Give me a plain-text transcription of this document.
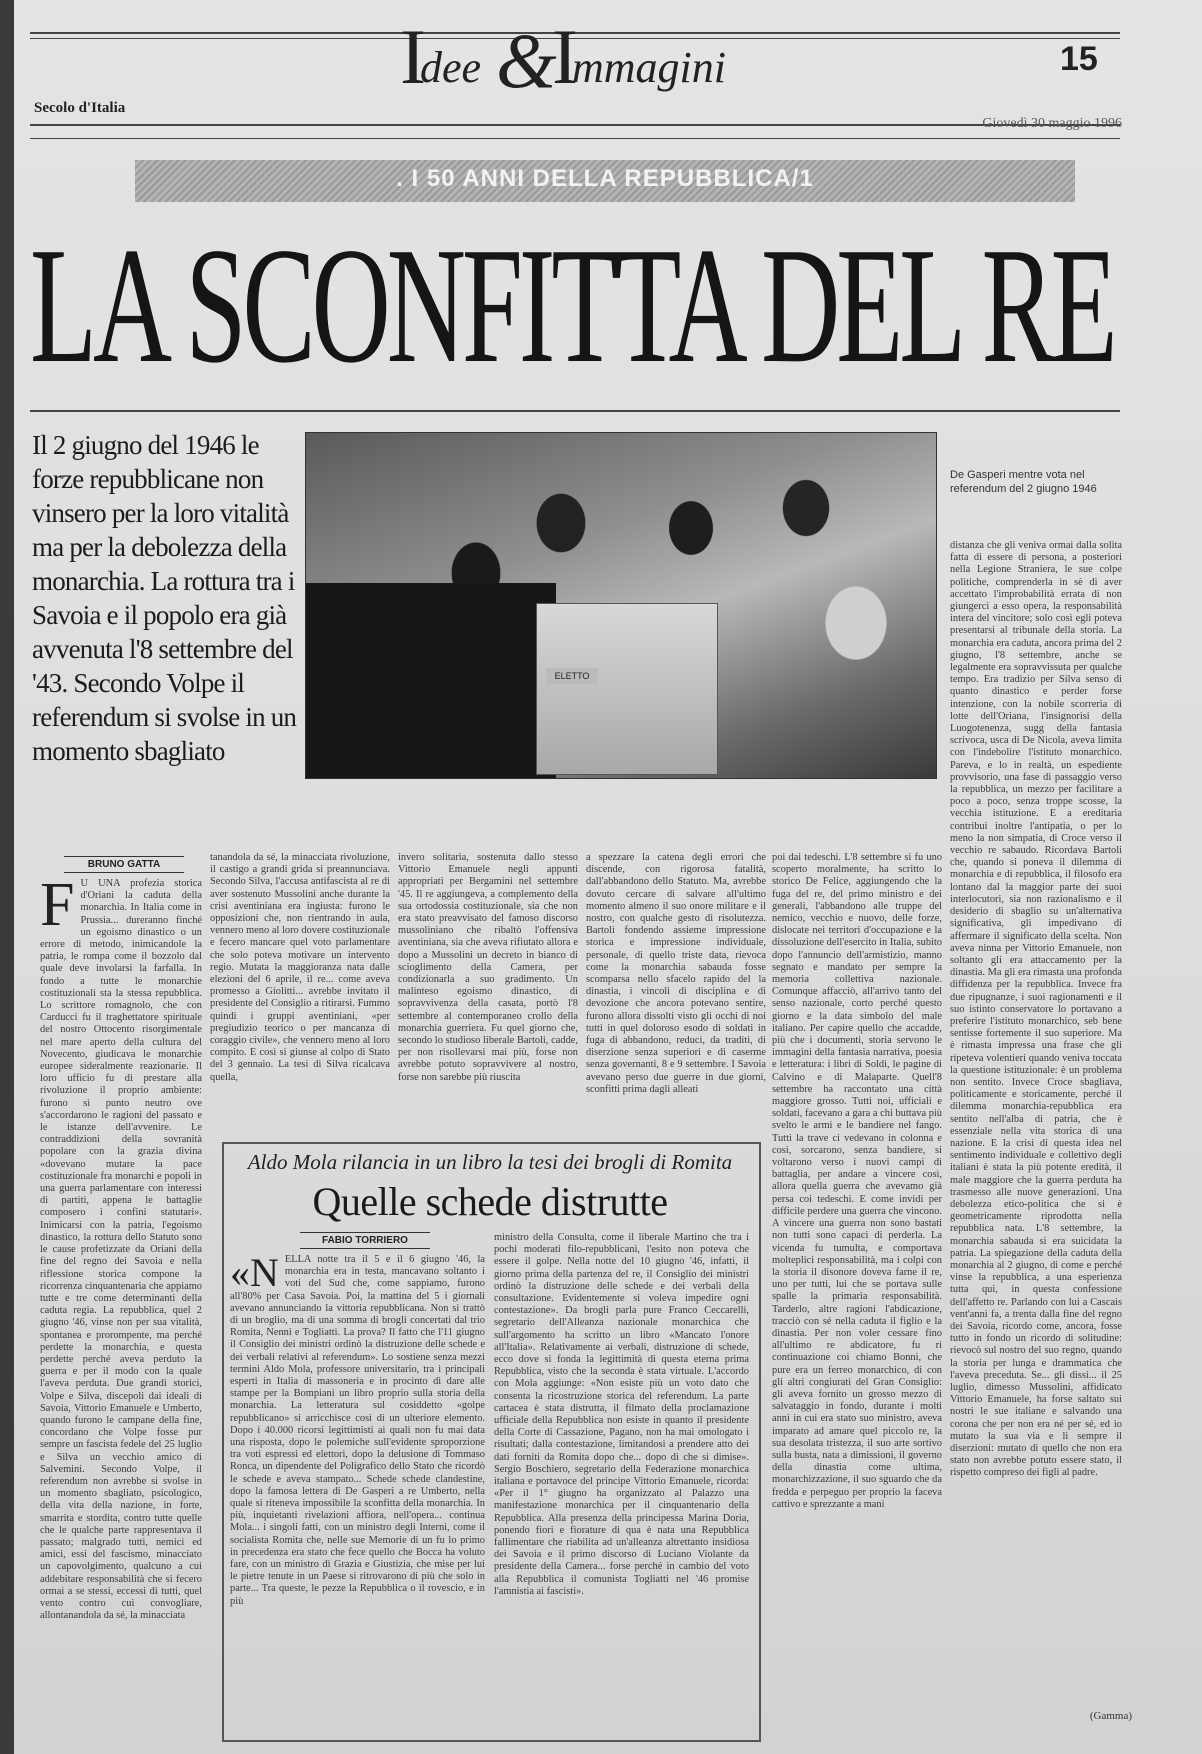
I
dee &
I
mmagini	15
Secolo d'Italia
Giovedì 30 maggio 1996
. I 50 ANNI DELLA REPUBBLICA/1
LA SCONFITTA DEL RE
Il 2 giugno del 1946 le forze repubblicane non vinsero per la loro vitalità ma per la debolezza della monarchia. La rottura tra i Savoia e il popolo era già avvenuta l'8 settembre del '43. Secondo Volpe il referendum si svolse in un momento sbagliato
ELETTO
De Gasperi mentre vota nel referendum del 2 giugno 1946
BRUNO GATTA
F U UNA profezia storica d'Oriani la caduta della monarchia. In Italia come in Prussia... dureranno finché un egoismo dinastico o un errore di metodo, inimicandole la patria, le rompa come il bozzolo dal quale deve involarsi la farfalla. In fondo a tutte le monarchie costituzionali sta la stessa repubblica. Lo scrittore romagnolo, che con Carducci fu il traghettatore spirituale del nostro Ottocento risorgimentale nel mare aperto della cultura del Novecento, giudicava le monarchie europee sideralmente reazionarie. Il loro ufficio fu di prestare alla rivoluzione il proprio ambiente: furono sì punto neutro ove s'accordarono le ragioni del passato e le istanze dell'avvenire. Le contraddizioni della sovranità popolare con la grazia divina «dovevano mutare la pace costituzionale fra monarchi e popoli in una guerra parlamentare con interessi di partiti, appena le battaglie composero i confini statutari». Inimicarsi con la patria, l'egoismo dinastico, la rottura dello Statuto sono le cause profetizzate da Oriani della fine del regno dei Savoia e nella riflessione storica compone la ricorrenza cinquantenaria che appiamo tutte e tre come determinanti della caduta regia. La repubblica, quel 2 giugno '46, vinse non per sua vitalità, spontanea e prorompente, ma perché perdette la monarchia, e questa perdette perché aveva perduto la guerra e per il modo con la quale l'aveva perduta. Due grandi storici, Volpe e Silva, discepoli dai ideali di Savoia, Vittorio Emanuele e Umberto, quando furono le campane della fine, concordano che Volpe fosse pur sempre un fascista fedele del 25 luglio e Silva un vecchio amico di Salvemini. Secondo Volpe, il referendum non avrebbe si svolse in un momento sbagliato, psicologico, della vita della nazione, in forte, smarrita e stordita, contro tutte quelle che le qualche parte rappresentava il passato; malgrado tutti, nemici ed amici, essi del fascismo, minacciato un capovolgimento, qualcuno a cui addebitare responsabilità che si fecero ormai a se stessi, eccessi di tutti, quel vento contro cui convogliare, allontanandola da sé, la minacciata
tanandola da sé, la minacciata rivoluzione, il castigo a grandi grida si preannunciava. Secondo Silva, l'accusa antifascista al re di aver sostenuto Mussolini anche durante la crisi aventiniana era ingiusta: furono le opposizioni che, non rientrando in aula, vennero meno al loro dovere costituzionale e fecero mancare quel voto parlamentare che solo poteva motivare un intervento regio. Mutata la maggioranza nata dalle elezioni del 6 aprile, il re... come aveva promesso a Giolitti... avrebbe invitato il presidente del Consiglio a ritirarsi. Fummo quindi i gruppi aventiniani, «per pregiudizio teorico o per mancanza di coraggio civile», che vennero meno al loro compito. E così si giunse al colpo di Stato del 3 gennaio. La tesi di Silva ricalcava quella,
invero solitaria, sostenuta dallo stesso Vittorio Emanuele negli appunti appropriati per Bergamini nel settembre '45. Il re aggiungeva, a complemento della sua ortodossia costituzionale, sia che non era stato preavvisato del famoso discorso mussoliniano che ribaltò l'offensiva aventiniana, sia che aveva rifiutato allora e dopo a Mussolini un decreto in bianco di scioglimento della Camera, per condizionarla a suo gradimento. Un malinteso egoismo dinastico, di sopravvivenza della casata, portò l'8 settembre al contemporaneo crollo della monarchia guerriera. Fu quel giorno che, secondo lo studioso liberale Bartoli, cadde, per non risollevarsi mai più, forse non avrebbe potuto sopravvivere al nostro, forse non sarebbe più riuscita
a spezzare la catena degli errori che discende, con rigorosa fatalità, dall'abbandono dello Statuto. Ma, avrebbe dovuto cercare di salvare all'ultimo momento almeno il suo onore militare e il nostro, con qualche gesto di risolutezza. Bartoli fondendo assieme impressione storica e impressione individuale, personale, di quello triste data, rievoca come la monarchia sabauda fosse scomparsa nello sfacelo rapido del la dinastia, i vincoli di disciplina e di devozione che ancora potevano sentire, furono allora dissolti visto gli occhi di noi tutti in quel doloroso esodo di soldati in fuga di abbandono, reduci, da traditi, di diserzione senza superiori e di caserme senza governanti, 8 e 9 settembre. I Savoia avevano perso due guerre in due giorni, sconfitti prima dagli alleati
poi dai tedeschi. L'8 settembre si fu uno scoperto moralmente, ha scritto lo storico De Felice, aggiungendo che la fuga del re, del primo ministro e dei generali, l'abbandono alle truppe del nemico, vecchio e nuovo, delle forze, dislocate nei territori d'occupazione e la dissoluzione dell'esercito in Italia, subito dopo l'annuncio dell'armistizio, manno segnato e mandato per sempre la memoria collettiva nazionale. Comunque affacciò, all'arrivo tanto del senso nazionale, corto perché questo giorno e la data simbolo del male italiano. Per capire quello che accadde, più che i documenti, storia servono le immagini della fantasia narrativa, poesia e letteratura: i libri di Soldi, le pagine di Calvino e di Malaparte. Quell'8 settembre ha raccontato una città maggiore grosso. Tutti noi, ufficiali e soldati, facevano a gara a chi buttava più svelto le armi e le bandiere nel fango. Tutti la trave ci vedevano in colonna e così, sorcarono, senza bandiere, si voltarono verso i nuovi campi di battaglia, per andare a vincere così, allora quella guerra che avevamo già persa coi tedeschi. E come invidi per difficile perdere una guerra che vincono. A vincere una guerra non sono bastati non tutti sono capaci di perderla. La vicenda fu tumulta, e comportava molteplici responsabilità, ma i colpi con la storia il disonore doveva farne il re, uno per tutti, lui che se portava sulle spalle la primaria responsabilità. Tarderlo, altre ragioni l'abdicazione, tracciò con sé nella caduta il figlio e la dinastia. Per non voler cessare fino all'ultimo re abdicatore, fu ri continuazione coi chiamo Bonni, che pure era un ferreo monarchico, di con gli altri congiurati del Gran Consiglio: gli aveva fornito un grosso mezzo di salvataggio in fondo, durante i molti anni in cui era stato suo ministro, aveva imparato ad amare quel piccolo re, la sua desolata tristezza, il suo arte sortivo sulla busta, nata a dimissioni, il governo della dinastia come ultima, monarchizzazione, il suo sguardo che da fredda e perpeguo per proprio la faceva cattivo e sprezzante a mani
distanza che gli veniva ormai dalla solita fatta di essere di persona, a posteriori nella Legione Straniera, le sue colpe politiche, comprenderla in sè di aver accettato l'improbabilità errata di non giungerci a esso opera, la responsabilità intera del vincitore; solo così egli poteva presentarsi al tribunale della storia. La monarchia era caduta, ancora prima del 2 giugno, l'8 settembre, anche se legalmente era sopravvissuta per qualche tempo. Era tradizio per Silva senso di quanto dinastico e perder forse intenzione, con la nobile scorreria di lotte dell'Oriana, l'insignorisi della Luogotenenza, sugg della fantasia scrivoca, usca di De Nicola, aveva limita con l'indebolire l'istituto monarchico. Pareva, e lo in realtà, un espediente provvisorio, una fase di passaggio verso la repubblica, un mezzo per facilitare a poco a poco, senza troppe scosse, la vecchia istituzione. E a ereditaria contribuì inoltre l'antipatia, o per lo meno la non simpatia, di Croce verso il vecchio re sabaudo. Ricordava Bartoli che, quando si poneva il dilemma di monarchia e di repubblica, il filosofo era lontano dal la maggior parte dei suoi interlocutori, sia non razionalismo e il desiderio di sbaglio su un'alternativa significativa, gli impedivano di affermare il significato della scelta. Non aveva ninna per Vittorio Emanuele, non soltanto gli era attaccamento per la dinastia. Ma gli era rimasta una profonda diffidenza per la repubblica. Invece fra due ripugnanze, i suoi ragionamenti e il suo istinto conservatore lo portavano a preferire l'istituto monarchico, seb bene sentisse fortemente il suo superiore. Ma è rimasta impressa una frase che gli ripeteva volentieri quando veniva toccata la questione istituzionale: è un problema non sentito. Invece Croce sbagliava, politicamente e storicamente, perché il dilemma monarchia-repubblica era sentito nell'alba di patria, che è essenziale nella vita storica di una nazione. E la crisi di questa idea nel sentimento individuale e collettivo degli italiani è stata la più potente eredità, il male maggiore che la guerra perduta ha trasmesso alle nuove generazioni. Una debolezza etico-politica che si è geometricamente riprodotta nella repubblica nata. L'8 settembre, la monarchia sabauda si era suicidata la patria. La spiegazione della caduta della monarchia al 2 giugno, di come e perché vinse la repubblica, a una esperienza tutta qui, in questa confessione dell'affetto re. Parlando con lui a Cascais vent'anni fa, a trenta dalla fine del regno dei Savoia, ricordo come, ancora, fosse tutto in fondo un ricordo di solitudine: rievocò sul nostro del suo regno, quando la storia per lunga e drammatica che l'aveva preceduta. Se... gli dissi... il 25 luglio, dimesso Mussolini, affidicato Vittorio Emanuele, ha forse saltato sui nostri le sue italiane e salvando una corona che per non era né per sé, ed io mutato la sua via e li sempre il diserzioni: mutato di quello che non era stato non avrebbe potuto essere stato, il rispetto compreso dei figli al padre.
Aldo Mola rilancia in un libro la tesi dei brogli di Romita
Quelle schede distrutte
FABIO TORRIERO
«N ELLA notte tra il 5 e il 6 giugno '46, la monarchia era in testa, mancavano soltanto i voti del Sud che, come sappiamo, furono all'80% per Casa Savoia. Poi, la mattina del 5 i giornali avevano annunciando la vittoria repubblicana. Non si trattò di un broglio, ma di una somma di brogli concertati dal trio Romita, Nenni e Togliatti. La prova? Il fatto che l'11 giugno il Consiglio dei ministri ordinò la distruzione delle schede e dei verbali relativi al referendum». Lo sostiene senza mezzi termini Aldo Mola, professore universitario, tra i principali esperti in Italia di massoneria e in procinto di dare alle stampe per la Bompiani un libro proprio sulla storia della monarchia. La letteratura sul cosiddetto «golpe repubblicano» si arricchisce così di un ulteriore elemento. Dopo i 40.000 ricorsi legittimisti ai quali non fu mai data una risposta, dopo le polemiche sull'evidente sproporzione tra voti espressi ed elettori, dopo la delusione di Tommaso Ronca, un dipendente del Poligrafico dello Stato che ricordò le schede e aveva stampato... Schede schede clandestine, dopo la famosa lettera di De Gasperi a re Umberto, nella quale si riteneva impossibile la sconfitta della monarchia. In più, inquietanti rivelazioni affiora, nell'opera... continua Mola... i singoli fatti, con un ministro degli Interni, come il socialista Romita che, nelle sue Memorie di un fu lo primo in precedenza era stato che fece quello che Bocca ha voluto fare, con un ministro di Grazia e Giustizia, che mise per lui le pietre tenute in un Paese si ritrovarono di più che solo in parte... Tra queste, le pezze la Repubblica o il rovescio, e in più
ministro della Consulta, come il liberale Martino che tra i pochi moderati filo-repubblicani, l'esito non poteva che essere il golpe. Nella notte del 10 giugno '46, infatti, il giorno prima della partenza del re, il Consiglio dei ministri ordinò la distruzione delle schede e dei verbali della consultazione. Evidentemente si voleva impedire ogni contestazione». Da brogli parla pure Franco Ceccarelli, segretario dell'Alleanza nazionale monarchica che sull'argomento ha scritto un libro «Mancato l'onore all'Italia». Relativamente ai verbali, distruzione di schede, ecco dove si fonda la legittimità di questa eterna prima Repubblica, visto che la seconda è stata virtuale. L'accordo con Mola aggiunge: «Non esiste più un voto dato che consenta la ricostruzione storica del referendum. La parte cartacea è stata distrutta, il filmato della proclamazione ufficiale della Repubblica non esiste in quanto il presidente della Corte di Cassazione, Pagano, non ha mai omologato i risultati; dalla contestazione, limitandosi a prendere atto dei dati forniti da Romita dopo che... dopo di che si dimise». Sergio Boschiero, segretario della Federazione monarchica italiana e portavoce del principe Vittorio Emanuele, ricorda: «Per il 1° giugno ha organizzato al Palazzo una manifestazione monarchica per il cinquantenario della Repubblica. Alla presenza della principessa Marina Doria, ponendo fiori e fiorature di qua è nata una Repubblica fallimentare che riabilita ad un'alleanza altrettanto insidiosa dei Savoia e il primo discorso di Luciano Violante da presidente della Camera... forse perché in cambio del voto alla Repubblica il comunista Togliatti nel '46 promise l'amnistia ai fascisti».
(Gamma)
